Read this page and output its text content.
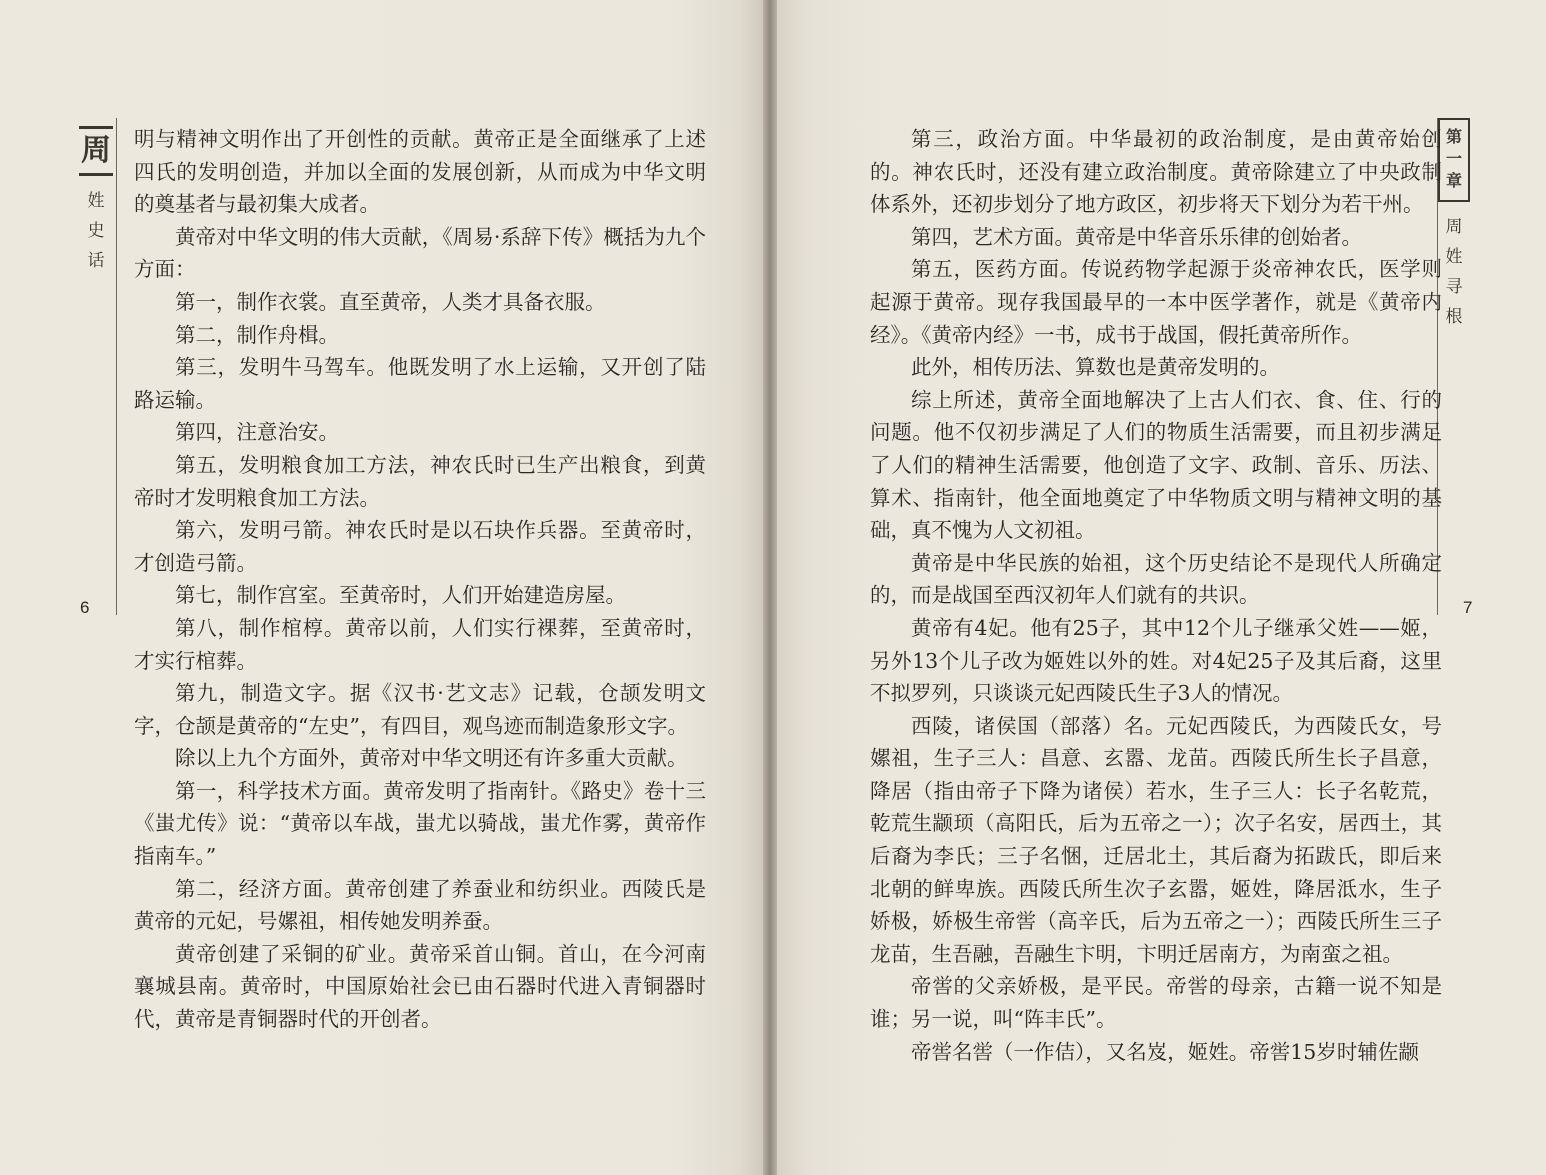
周
姓
史
话
6

明与精神文明作出了开创性的贡献。黄帝正是全面继承了上述四氏的发明创造，并加以全面的发展创新，从而成为中华文明的奠基者与最初集大成者。

黄帝对中华文明的伟大贡献，《周易·系辞下传》概括为九个方面：

第一，制作衣裳。直至黄帝，人类才具备衣服。

第二，制作舟楫。

第三，发明牛马驾车。他既发明了水上运输，又开创了陆路运输。

第四，注意治安。

第五，发明粮食加工方法，神农氏时已生产出粮食，到黄帝时才发明粮食加工方法。

第六，发明弓箭。神农氏时是以石块作兵器。至黄帝时，才创造弓箭。

第七，制作宫室。至黄帝时，人们开始建造房屋。

第八，制作棺椁。黄帝以前，人们实行裸葬，至黄帝时，才实行棺葬。

第九，制造文字。据《汉书·艺文志》记载，仓颉发明文字，仓颉是黄帝的“左史”，有四目，观鸟迹而制造象形文字。

除以上九个方面外，黄帝对中华文明还有许多重大贡献。

第一，科学技术方面。黄帝发明了指南针。《路史》卷十三《蚩尤传》说：“黄帝以车战，蚩尤以骑战，蚩尤作雾，黄帝作指南车。”

第二，经济方面。黄帝创建了养蚕业和纺织业。西陵氏是黄帝的元妃，号嫘祖，相传她发明养蚕。

黄帝创建了采铜的矿业。黄帝采首山铜。首山，在今河南襄城县南。黄帝时，中国原始社会已由石器时代进入青铜器时代，黄帝是青铜器时代的开创者。

第
一
章
周
姓
寻
根
7

第三，政治方面。中华最初的政治制度，是由黄帝始创的。神农氏时，还没有建立政治制度。黄帝除建立了中央政制体系外，还初步划分了地方政区，初步将天下划分为若干州。

第四，艺术方面。黄帝是中华音乐乐律的创始者。

第五，医药方面。传说药物学起源于炎帝神农氏，医学则起源于黄帝。现存我国最早的一本中医学著作，就是《黄帝内经》。《黄帝内经》一书，成书于战国，假托黄帝所作。

此外，相传历法、算数也是黄帝发明的。

综上所述，黄帝全面地解决了上古人们衣、食、住、行的问题。他不仅初步满足了人们的物质生活需要，而且初步满足了人们的精神生活需要，他创造了文字、政制、音乐、历法、算术、指南针，他全面地奠定了中华物质文明与精神文明的基础，真不愧为人文初祖。

黄帝是中华民族的始祖，这个历史结论不是现代人所确定的，而是战国至西汉初年人们就有的共识。

黄帝有4妃。他有25子，其中12个儿子继承父姓——姬，另外13个儿子改为姬姓以外的姓。对4妃25子及其后裔，这里不拟罗列，只谈谈元妃西陵氏生子3人的情况。

西陵，诸侯国（部落）名。元妃西陵氏，为西陵氏女，号嫘祖，生子三人：昌意、玄嚣、龙苗。西陵氏所生长子昌意，降居（指由帝子下降为诸侯）若水，生子三人：长子名乾荒，乾荒生颛顼（高阳氏，后为五帝之一）；次子名安，居西土，其后裔为李氏；三子名悃，迁居北土，其后裔为拓跋氏，即后来北朝的鲜卑族。西陵氏所生次子玄嚣，姬姓，降居泜水，生子娇极，娇极生帝喾（高辛氏，后为五帝之一）；西陵氏所生三子龙苗，生吾融，吾融生卞明，卞明迁居南方，为南蛮之祖。

帝喾的父亲娇极，是平民。帝喾的母亲，古籍一说不知是谁；另一说，叫“阵丰氏”。

帝喾名喾（一作佶），又名岌，姬姓。帝喾15岁时辅佐颛
